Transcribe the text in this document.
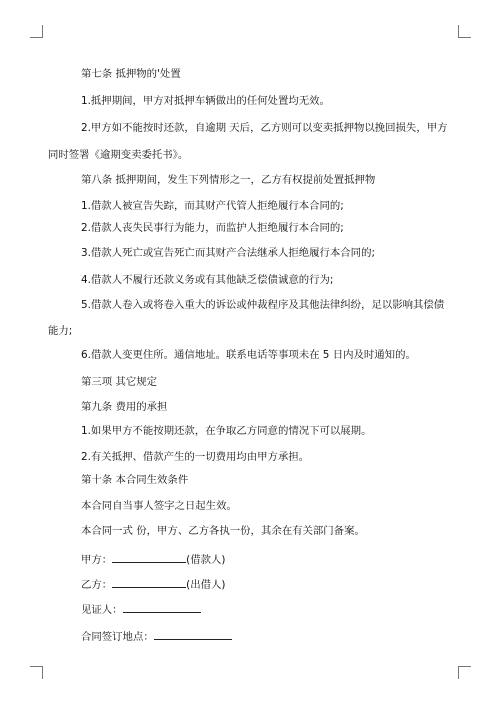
第七条 抵押物的'处置
1.抵押期间，甲方对抵押车辆做出的任何处置均无效。
2.甲方如不能按时还款，自逾期 天后，乙方则可以变卖抵押物以挽回损失，甲方
同时签署《逾期变卖委托书》。
第八条 抵押期间，发生下列情形之一，乙方有权提前处置抵押物
1.借款人被宣告失踪，而其财产代管人拒绝履行本合同的;
2.借款人丧失民事行为能力，而监护人拒绝履行本合同的;
3.借款人死亡或宣告死亡而其财产合法继承人拒绝履行本合同的;
4.借款人不履行还款义务或有其他缺乏偿债诚意的行为;
5.借款人卷入或将卷入重大的诉讼或仲裁程序及其他法律纠纷，足以影响其偿债
能力;
6.借款人变更住所。通信地址。联系电话等事项未在 5 日内及时通知的。
第三项 其它规定
第九条 费用的承担
1.如果甲方不能按期还款，在争取乙方同意的情况下可以展期。
2.有关抵押、借款产生的一切费用均由甲方承担。
第十条 本合同生效条件
本合同自当事人签字之日起生效。
本合同一式 份，甲方、乙方各执一份，其余在有关部门备案。
甲方：	(借款人)
乙方：	(出借人)
见证人：
合同签订地点：
